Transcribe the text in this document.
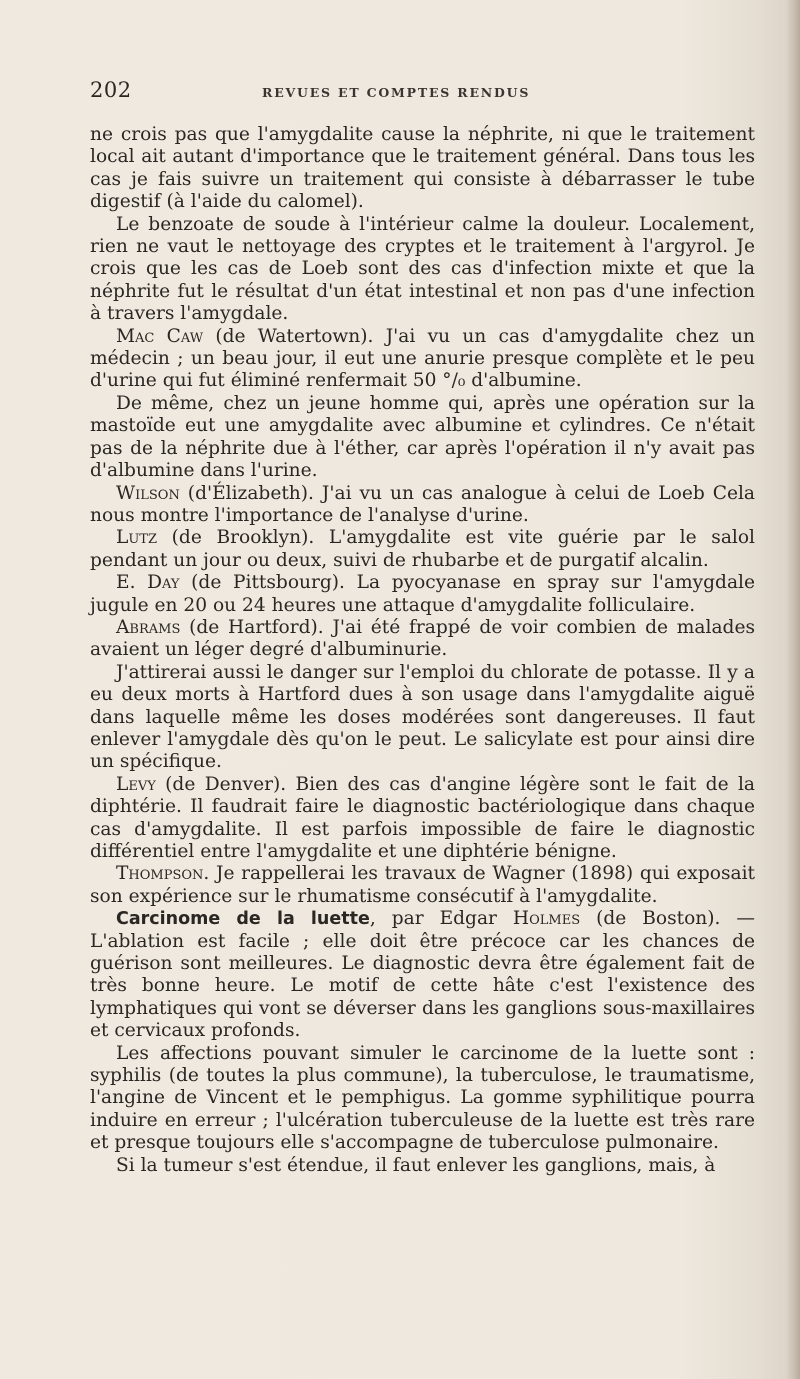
202	REVUES ET COMPTES RENDUS

ne crois pas que l'amygdalite cause la néphrite, ni que le traitement local ait autant d'importance que le traitement général. Dans tous les cas je fais suivre un traitement qui consiste à débarrasser le tube digestif (à l'aide du calomel).

Le benzoate de soude à l'intérieur calme la douleur. Localement, rien ne vaut le nettoyage des cryptes et le traitement à l'argyrol. Je crois que les cas de Loeb sont des cas d'infection mixte et que la néphrite fut le résultat d'un état intestinal et non pas d'une infection à travers l'amygdale.

Mac Caw (de Watertown). J'ai vu un cas d'amygdalite chez un médecin ; un beau jour, il eut une anurie presque complète et le peu d'urine qui fut éliminé renfermait 50 °/₀ d'albumine.

De même, chez un jeune homme qui, après une opération sur la mastoïde eut une amygdalite avec albumine et cylindres. Ce n'était pas de la néphrite due à l'éther, car après l'opération il n'y avait pas d'albumine dans l'urine.

Wilson (d'Élizabeth). J'ai vu un cas analogue à celui de Loeb Cela nous montre l'importance de l'analyse d'urine.

Lutz (de Brooklyn). L'amygdalite est vite guérie par le salol pendant un jour ou deux, suivi de rhubarbe et de purgatif alcalin.

E. Day (de Pittsbourg). La pyocyanase en spray sur l'amygdale jugule en 20 ou 24 heures une attaque d'amygdalite folliculaire.

Abrams (de Hartford). J'ai été frappé de voir combien de malades avaient un léger degré d'albuminurie.

J'attirerai aussi le danger sur l'emploi du chlorate de potasse. Il y a eu deux morts à Hartford dues à son usage dans l'amygdalite aiguë dans laquelle même les doses modérées sont dangereuses. Il faut enlever l'amygdale dès qu'on le peut. Le salicylate est pour ainsi dire un spécifique.

Levy (de Denver). Bien des cas d'angine légère sont le fait de la diphtérie. Il faudrait faire le diagnostic bactériologique dans chaque cas d'amygdalite. Il est parfois impossible de faire le diagnostic différentiel entre l'amygdalite et une diphtérie bénigne.

Thompson. Je rappellerai les travaux de Wagner (1898) qui exposait son expérience sur le rhumatisme consécutif à l'amygdalite.

Carcinome de la luette, par Edgar Holmes (de Boston). — L'ablation est facile ; elle doit être précoce car les chances de guérison sont meilleures. Le diagnostic devra être également fait de très bonne heure. Le motif de cette hâte c'est l'existence des lymphatiques qui vont se déverser dans les ganglions sous-maxillaires et cervicaux profonds.

Les affections pouvant simuler le carcinome de la luette sont : syphilis (de toutes la plus commune), la tuberculose, le traumatisme, l'angine de Vincent et le pemphigus. La gomme syphilitique pourra induire en erreur ; l'ulcération tuberculeuse de la luette est très rare et presque toujours elle s'accompagne de tuberculose pulmonaire.

Si la tumeur s'est étendue, il faut enlever les ganglions, mais, à
